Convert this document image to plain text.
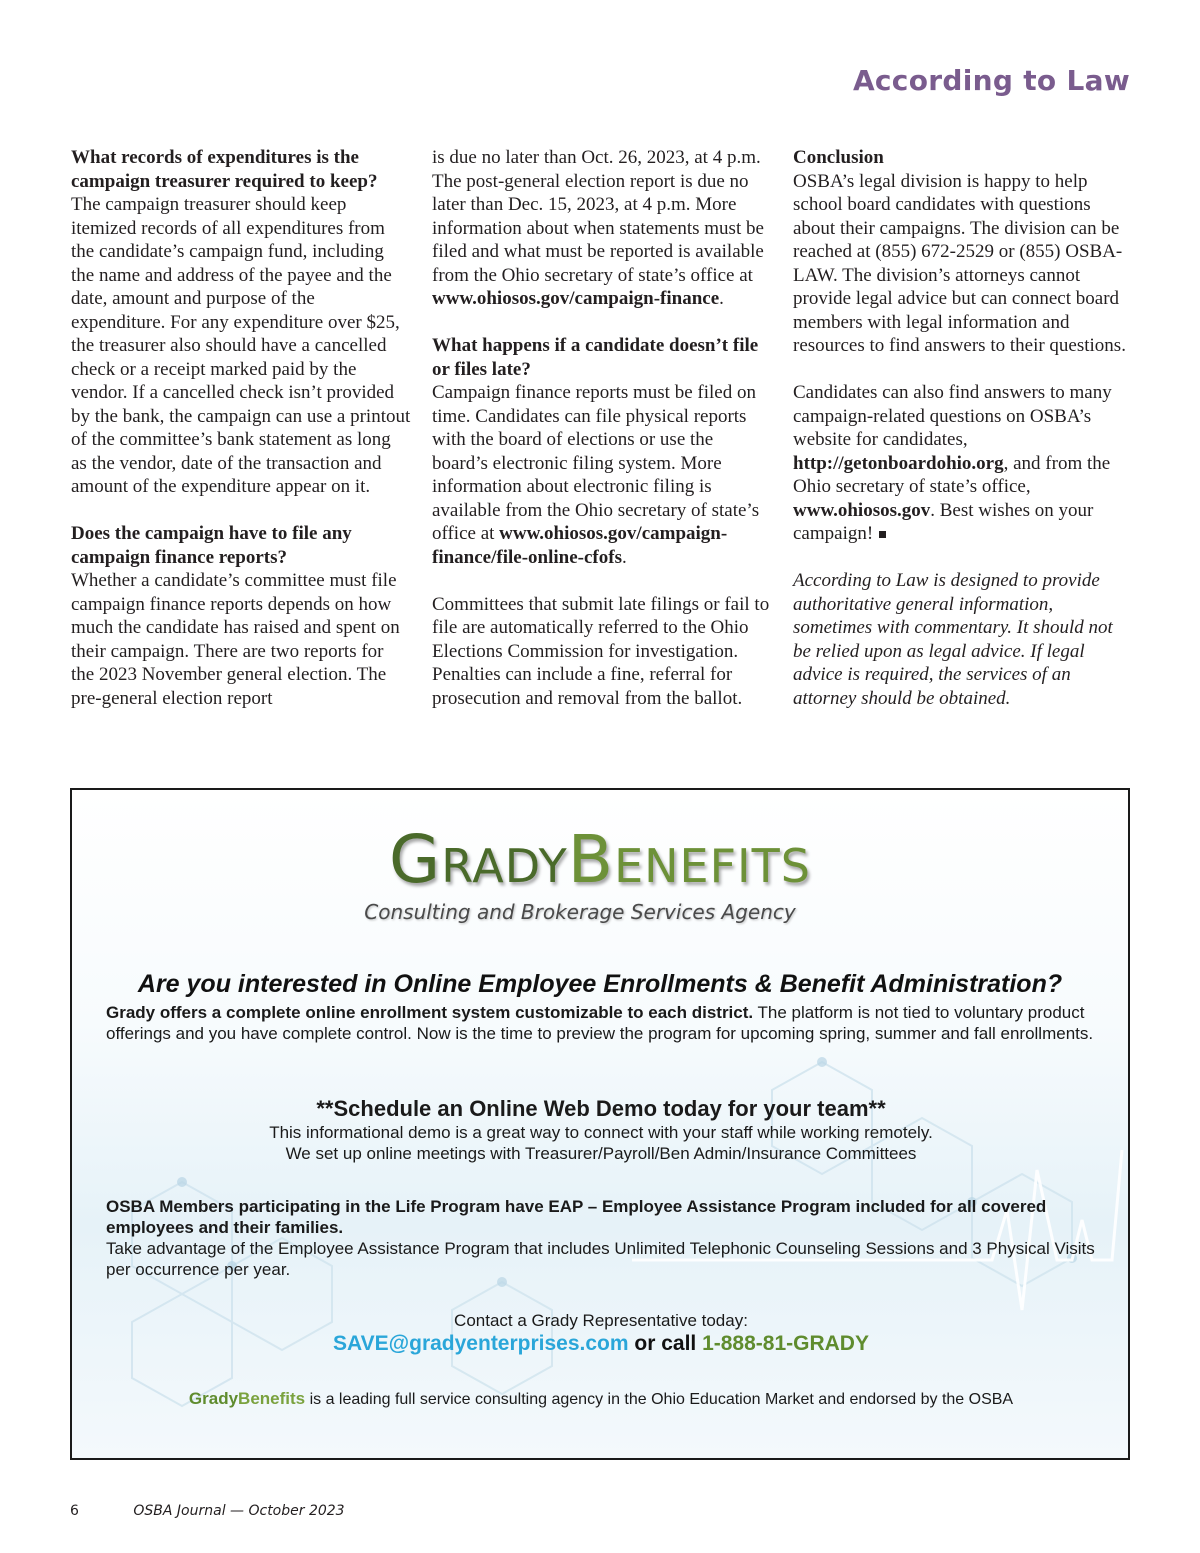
According to Law
What records of expenditures is the campaign treasurer required to keep?

The campaign treasurer should keep itemized records of all expenditures from the candidate’s campaign fund, including the name and address of the payee and the date, amount and purpose of the expenditure. For any expenditure over $25, the treasurer also should have a cancelled check or a receipt marked paid by the vendor. If a cancelled check isn’t provided by the bank, the campaign can use a printout of the committee’s bank statement as long as the vendor, date of the transaction and amount of the expenditure appear on it.

Does the campaign have to file any campaign finance reports?

Whether a candidate’s committee must file campaign finance reports depends on how much the candidate has raised and spent on their campaign. There are two reports for the 2023 November general election. The pre-general election report

is due no later than Oct. 26, 2023, at 4 p.m. The post-general election report is due no later than Dec. 15, 2023, at 4 p.m. More information about when statements must be filed and what must be reported is available from the Ohio secretary of state’s office at www.ohiosos.gov/campaign-finance.

What happens if a candidate doesn’t file or files late?

Campaign finance reports must be filed on time. Candidates can file physical reports with the board of elections or use the board’s electronic filing system. More information about electronic filing is available from the Ohio secretary of state’s office at www.ohiosos.gov/campaign-finance/file-online-cfofs.

Committees that submit late filings or fail to file are automatically referred to the Ohio Elections Commission for investigation. Penalties can include a fine, referral for prosecution and removal from the ballot.

Conclusion

OSBA’s legal division is happy to help school board candidates with questions about their campaigns. The division can be reached at (855) 672-2529 or (855) OSBA-LAW. The division’s attorneys cannot provide legal advice but can connect board members with legal information and resources to find answers to their questions.

Candidates can also find answers to many campaign-related questions on OSBA’s website for candidates, http://getonboardohio.org, and from the Ohio secretary of state’s office, www.ohiosos.gov. Best wishes on your campaign!

According to Law is designed to provide authoritative general information, sometimes with commentary. It should not be relied upon as legal advice. If legal advice is required, the services of an attorney should be obtained.

GRADYBENEFITS
Consulting and Brokerage Services Agency
Are you interested in Online Employee Enrollments & Benefit Administration?
Grady offers a complete online enrollment system customizable to each district. The platform is not tied to voluntary product offerings and you have complete control. Now is the time to preview the program for upcoming spring, summer and fall enrollments.
**Schedule an Online Web Demo today for your team**
This informational demo is a great way to connect with your staff while working remotely.
We set up online meetings with Treasurer/Payroll/Ben Admin/Insurance Committees
OSBA Members participating in the Life Program have EAP – Employee Assistance Program included for all covered employees and their families.
Take advantage of the Employee Assistance Program that includes Unlimited Telephonic Counseling Sessions and 3 Physical Visits per occurrence per year.
Contact a Grady Representative today:
SAVE@gradyenterprises.com or call 1-888-81-GRADY
GradyBenefits is a leading full service consulting agency in the Ohio Education Market and endorsed by the OSBA
6	OSBA Journal — October 2023
